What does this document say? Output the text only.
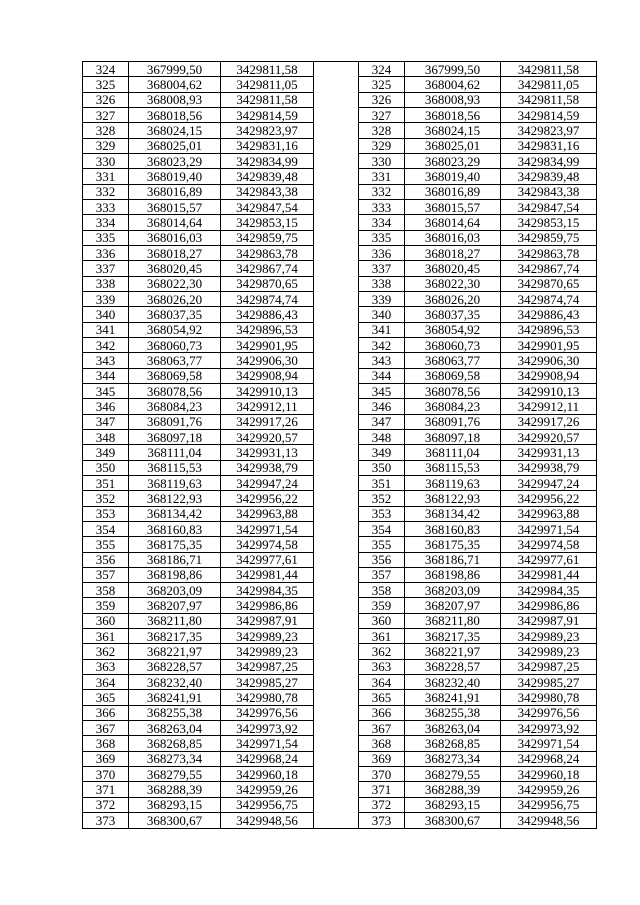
324	367999,50	3429811,58		324	367999,50	3429811,58
325	368004,62	3429811,05		325	368004,62	3429811,05
326	368008,93	3429811,58		326	368008,93	3429811,58
327	368018,56	3429814,59		327	368018,56	3429814,59
328	368024,15	3429823,97		328	368024,15	3429823,97
329	368025,01	3429831,16		329	368025,01	3429831,16
330	368023,29	3429834,99		330	368023,29	3429834,99
331	368019,40	3429839,48		331	368019,40	3429839,48
332	368016,89	3429843,38		332	368016,89	3429843,38
333	368015,57	3429847,54		333	368015,57	3429847,54
334	368014,64	3429853,15		334	368014,64	3429853,15
335	368016,03	3429859,75		335	368016,03	3429859,75
336	368018,27	3429863,78		336	368018,27	3429863,78
337	368020,45	3429867,74		337	368020,45	3429867,74
338	368022,30	3429870,65		338	368022,30	3429870,65
339	368026,20	3429874,74		339	368026,20	3429874,74
340	368037,35	3429886,43		340	368037,35	3429886,43
341	368054,92	3429896,53		341	368054,92	3429896,53
342	368060,73	3429901,95		342	368060,73	3429901,95
343	368063,77	3429906,30		343	368063,77	3429906,30
344	368069,58	3429908,94		344	368069,58	3429908,94
345	368078,56	3429910,13		345	368078,56	3429910,13
346	368084,23	3429912,11		346	368084,23	3429912,11
347	368091,76	3429917,26		347	368091,76	3429917,26
348	368097,18	3429920,57		348	368097,18	3429920,57
349	368111,04	3429931,13		349	368111,04	3429931,13
350	368115,53	3429938,79		350	368115,53	3429938,79
351	368119,63	3429947,24		351	368119,63	3429947,24
352	368122,93	3429956,22		352	368122,93	3429956,22
353	368134,42	3429963,88		353	368134,42	3429963,88
354	368160,83	3429971,54		354	368160,83	3429971,54
355	368175,35	3429974,58		355	368175,35	3429974,58
356	368186,71	3429977,61		356	368186,71	3429977,61
357	368198,86	3429981,44		357	368198,86	3429981,44
358	368203,09	3429984,35		358	368203,09	3429984,35
359	368207,97	3429986,86		359	368207,97	3429986,86
360	368211,80	3429987,91		360	368211,80	3429987,91
361	368217,35	3429989,23		361	368217,35	3429989,23
362	368221,97	3429989,23		362	368221,97	3429989,23
363	368228,57	3429987,25		363	368228,57	3429987,25
364	368232,40	3429985,27		364	368232,40	3429985,27
365	368241,91	3429980,78		365	368241,91	3429980,78
366	368255,38	3429976,56		366	368255,38	3429976,56
367	368263,04	3429973,92		367	368263,04	3429973,92
368	368268,85	3429971,54		368	368268,85	3429971,54
369	368273,34	3429968,24		369	368273,34	3429968,24
370	368279,55	3429960,18		370	368279,55	3429960,18
371	368288,39	3429959,26		371	368288,39	3429959,26
372	368293,15	3429956,75		372	368293,15	3429956,75
373	368300,67	3429948,56		373	368300,67	3429948,56
